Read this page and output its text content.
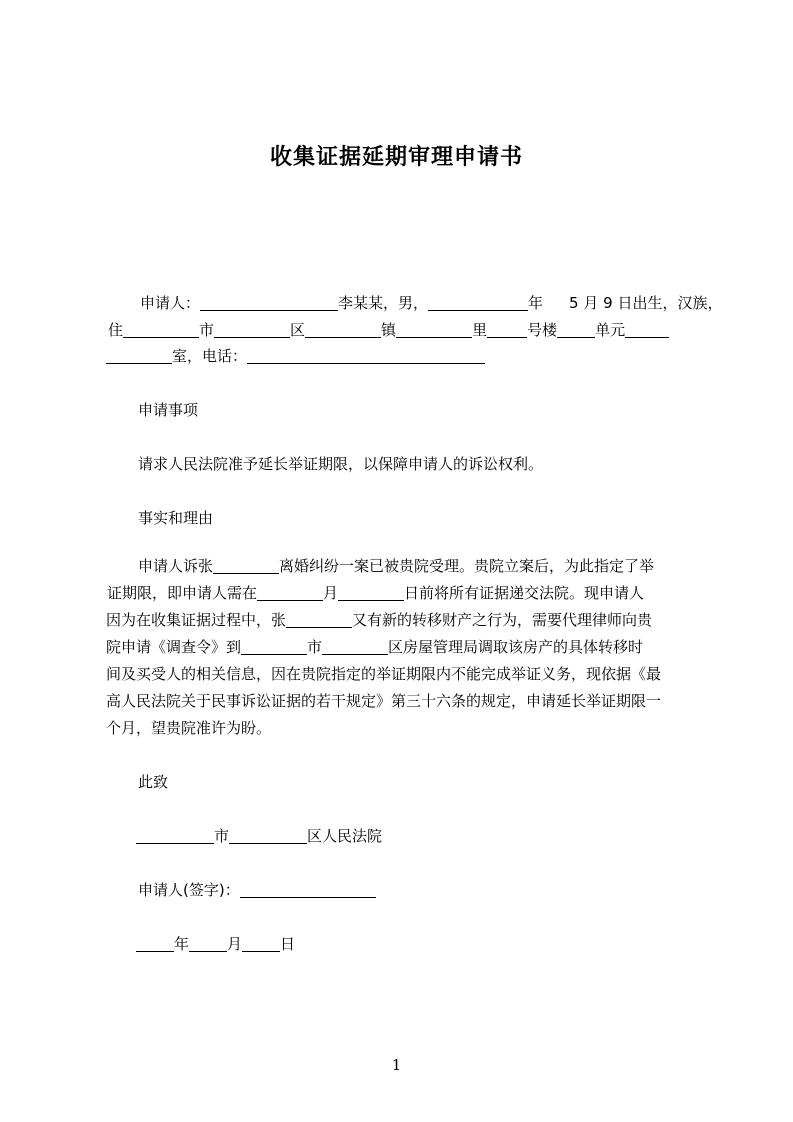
收集证据延期审理申请书
申请人：	李某某，男，	年 5 月 9 日出生，汉族，
住	市	区	镇	里	号楼	单元
室，电话：
申请事项
请求人民法院准予延长举证期限，以保障申请人的诉讼权利。
事实和理由
申请人诉张	离婚纠纷一案已被贵院受理。贵院立案后，为此指定了举
证期限，即申请人需在	月	日前将所有证据递交法院。现申请人
因为在收集证据过程中，张	又有新的转移财产之行为，需要代理律师向贵
院申请《调查令》到	市	区房屋管理局调取该房产的具体转移时
间及买受人的相关信息，因在贵院指定的举证期限内不能完成举证义务，现依据《最
高人民法院关于民事诉讼证据的若干规定》第三十六条的规定，申请延长举证期限一
个月，望贵院准许为盼。
此致
市	区人民法院
申请人(签字)：
年	月	日
1
